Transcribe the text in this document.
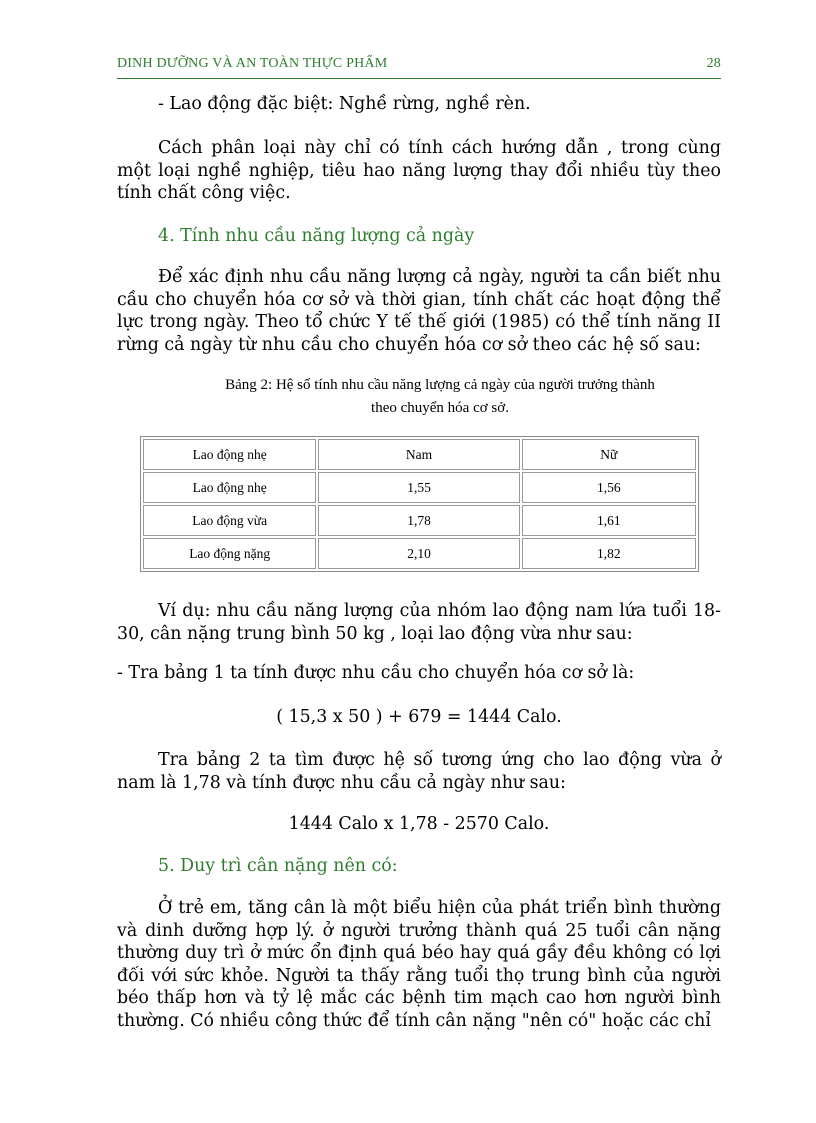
DINH DƯỠNG VÀ AN TOÀN THỰC PHẨM	28

- Lao động đặc biệt: Nghề rừng, nghề rèn.

Cách phân loại này chỉ có tính cách hướng dẫn , trong cùng một loại nghề nghiệp, tiêu hao năng lượng thay đổi nhiều tùy theo tính chất công việc.

4. Tính nhu cầu năng lượng cả ngày

Để xác định nhu cầu năng lượng cả ngày, người ta cần biết nhu cầu cho chuyển hóa cơ sở và thời gian, tính chất các hoạt động thể lực trong ngày. Theo tổ chức Y tế thế giới (1985) có thể tính năng II rừng cả ngày từ nhu cầu cho chuyển hóa cơ sở theo các hệ số sau:

Bảng 2: Hệ số tính nhu cầu năng lượng cả ngày của người trưởng thành
theo chuyển hóa cơ sở.

Lao động nhẹ	Nam	Nữ
Lao động nhẹ	1,55	1,56
Lao động vừa	1,78	1,61
Lao động nặng	2,10	1,82

Ví dụ: nhu cầu năng lượng của nhóm lao động nam lứa tuổi 18-30, cân nặng trung bình 50 kg , loại lao động vừa như sau:

- Tra bảng 1 ta tính được nhu cầu cho chuyển hóa cơ sở là:

( 15,3 x 50 ) + 679 = 1444 Calo.

Tra bảng 2 ta tìm được hệ số tương ứng cho lao động vừa ở nam là 1,78 và tính được nhu cầu cả ngày như sau:

1444 Calo x 1,78 - 2570 Calo.

5. Duy trì cân nặng nên có:

Ở trẻ em, tăng cân là một biểu hiện của phát triển bình thường và dinh dưỡng hợp lý. ở người trưởng thành quá 25 tuổi cân nặng thường duy trì ở mức ổn định quá béo hay quá gầy đều không có lợi đối với sức khỏe. Người ta thấy rằng tuổi thọ trung bình của người béo thấp hơn và tỷ lệ mắc các bệnh tim mạch cao hơn người bình thường. Có nhiều công thức để tính cân nặng "nên có" hoặc các chỉ
